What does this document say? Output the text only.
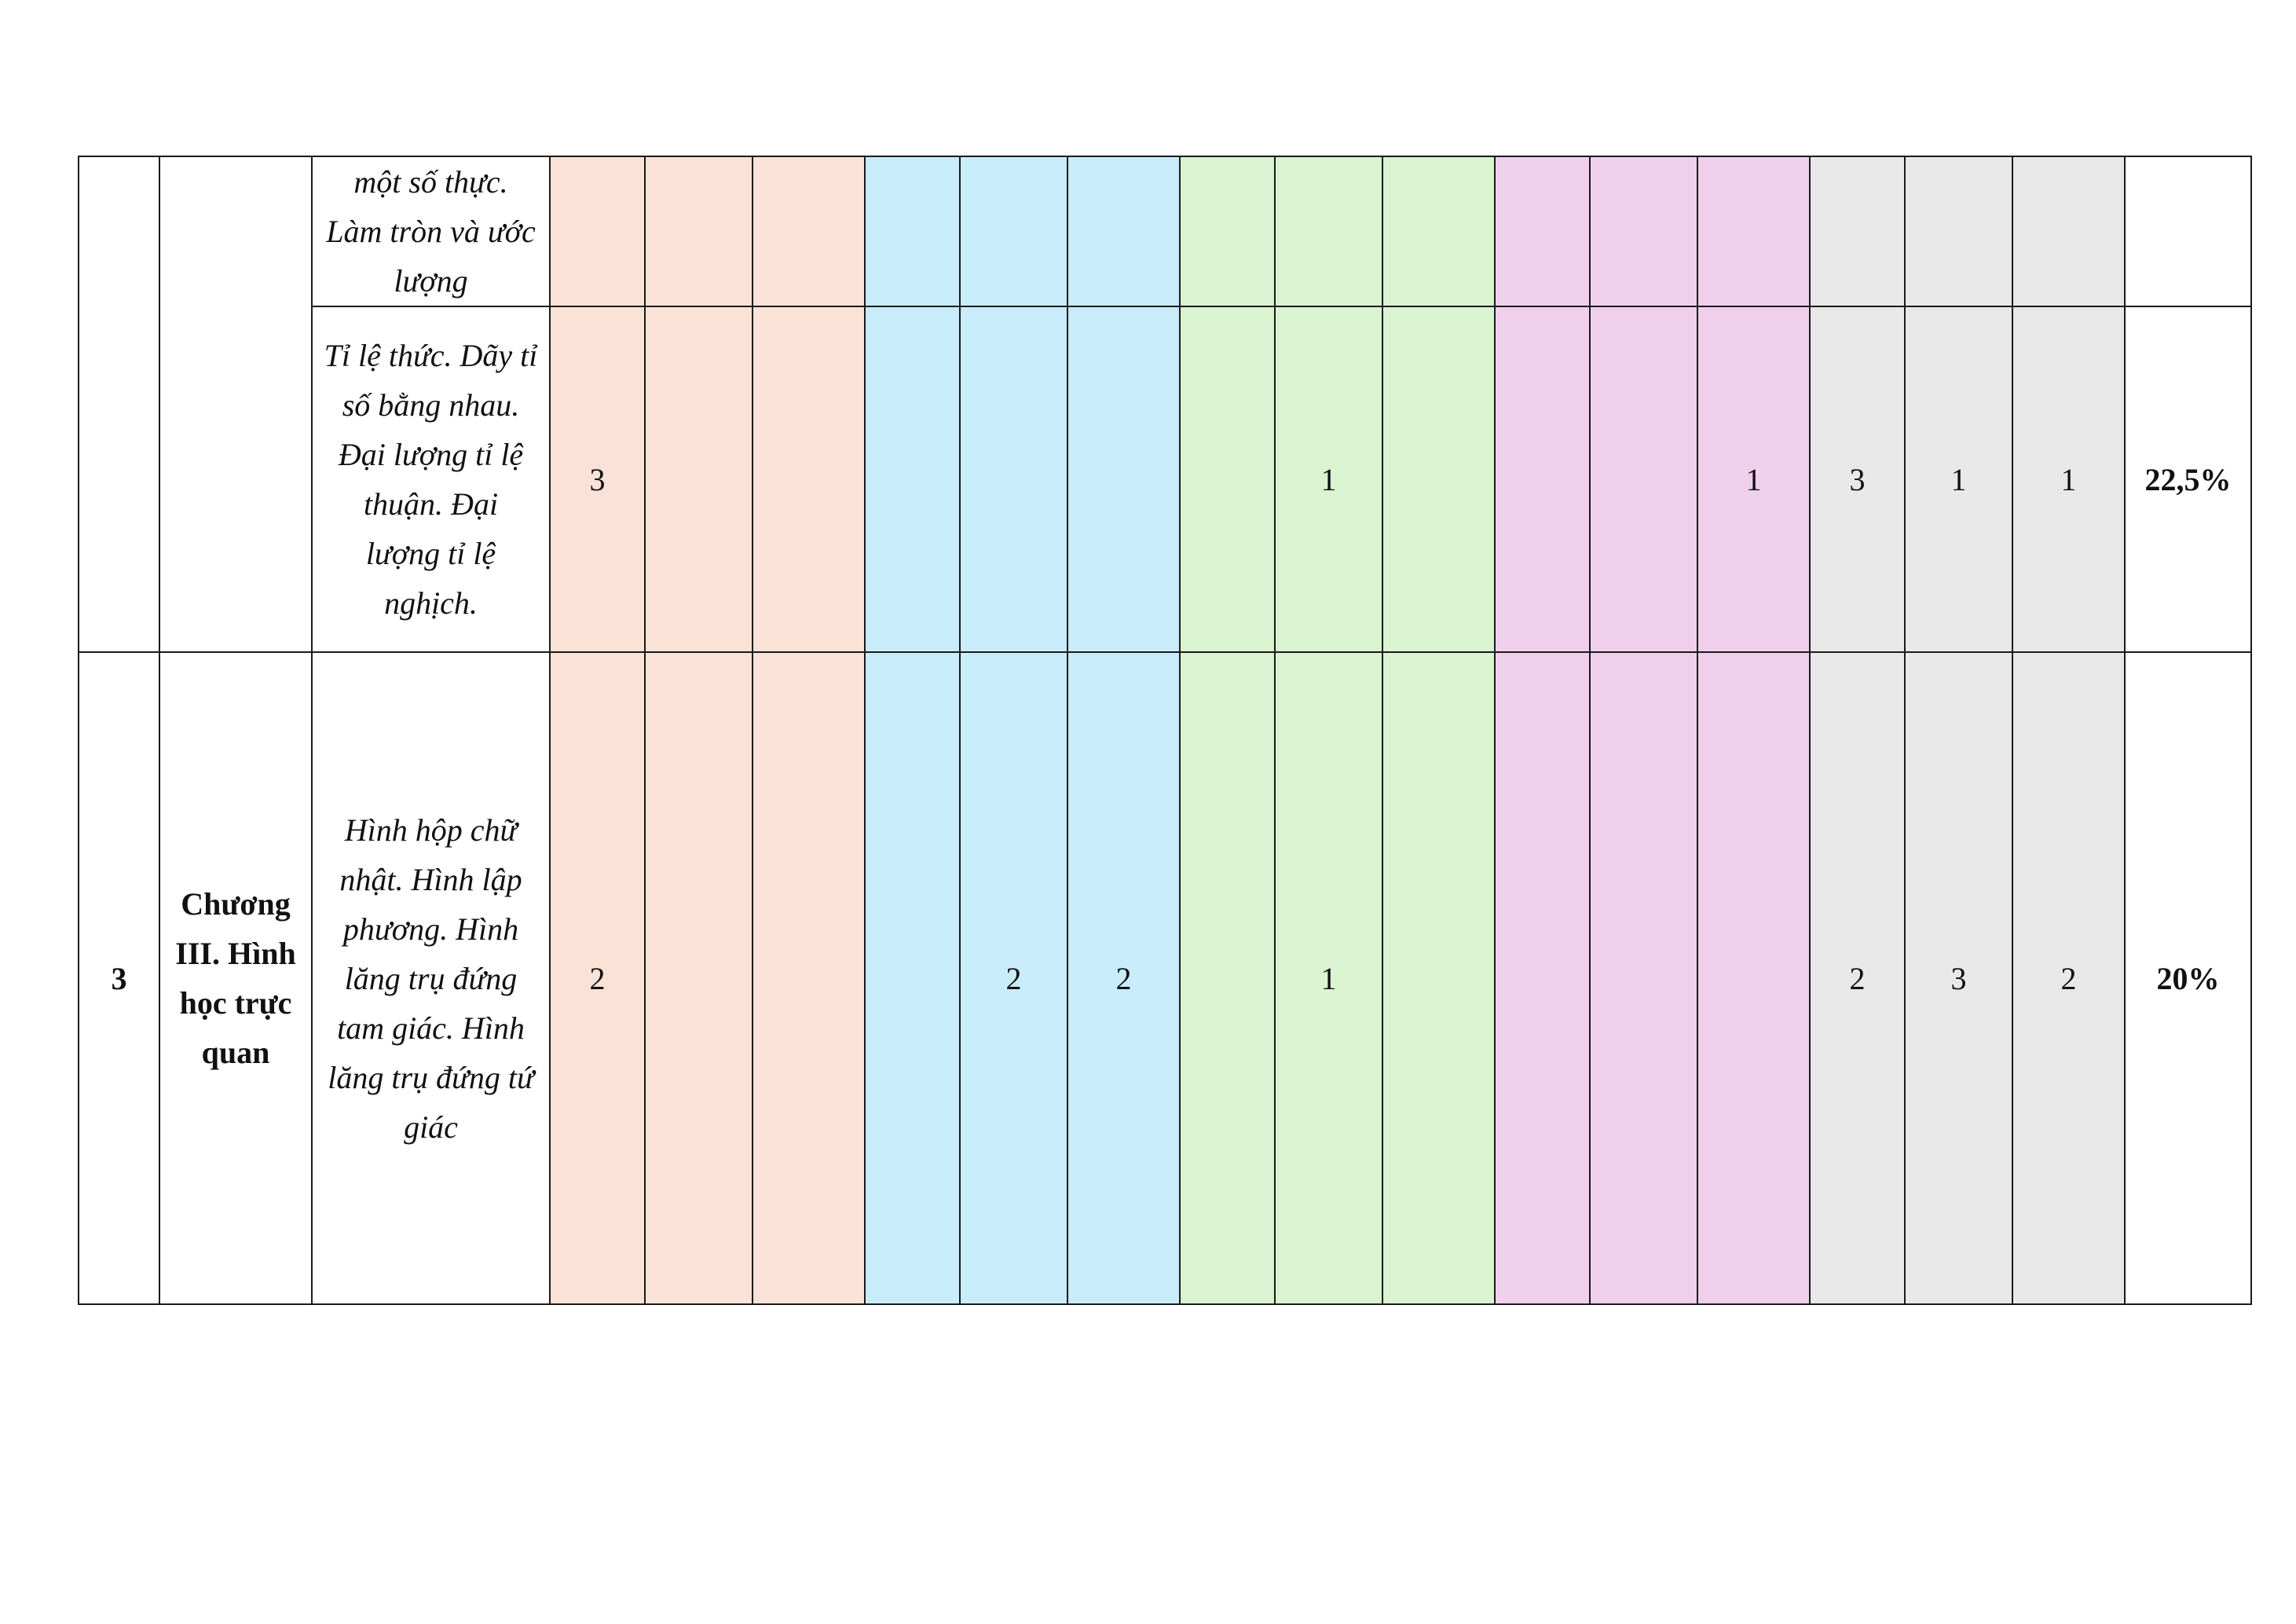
		một số thực. Làm tròn và ước lượng																
		Tỉ lệ thức. Dãy tỉ số bằng nhau. Đại lượng tỉ lệ thuận. Đại lượng tỉ lệ nghịch.	3							1				1	3	1	1	22,5%
3	Chương III. Hình học trực quan	Hình hộp chữ nhật. Hình lập phương. Hình lăng trụ đứng tam giác. Hình lăng trụ đứng tứ giác	2				2	2		1					2	3	2	20%
